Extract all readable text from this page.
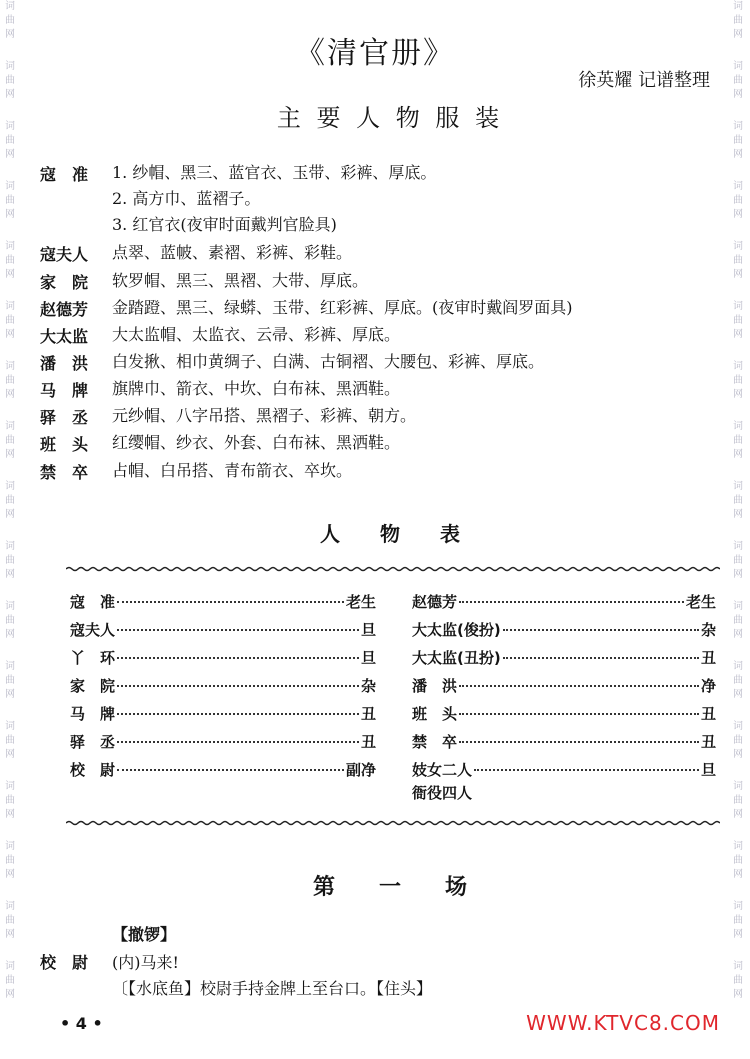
词
曲
网
词
曲
网
词
曲
网
词
曲
网
词
曲
网
词
曲
网
词
曲
网
词
曲
网
词
曲
网
词
曲
网
词
曲
网
词
曲
网
词
曲
网
词
曲
网
词
曲
网
词
曲
网
词
曲
网
词
曲
网
词
曲
网
词
曲
网
词
曲
网
词
曲
网
词
曲
网
词
曲
网
词
曲
网
词
曲
网
词
曲
网
词
曲
网
词
曲
网
词
曲
网
词
曲
网
词
曲
网
词
曲
网
词
曲
网
《清官册》
徐英耀 记谱整理
主 要 人 物 服 装
寇　准	1. 纱帽、黑三、蓝官衣、玉带、彩裤、厚底。
2. 高方巾、蓝褶子。
3. 红官衣(夜审时面戴判官脸具)
寇夫人	点翠、蓝帔、素褶、彩裤、彩鞋。
家　院	软罗帽、黑三、黑褶、大带、厚底。
赵德芳	金踏蹬、黑三、绿蟒、玉带、红彩裤、厚底。(夜审时戴阎罗面具)
大太监	大太监帽、太监衣、云帚、彩裤、厚底。
潘　洪	白发揪、相巾黄绸子、白满、古铜褶、大腰包、彩裤、厚底。
马　牌	旗牌巾、箭衣、中坎、白布袜、黑洒鞋。
驿　丞	元纱帽、八字吊搭、黑褶子、彩裤、朝方。
班　头	红缨帽、纱衣、外套、白布袜、黑洒鞋。
禁　卒	占帽、白吊搭、青布箭衣、卒坎。
人　　物　　表
寇　准	老生
寇夫人	旦
丫　环	旦
家　院	杂
马　牌	丑
驿　丞	丑
校　尉	副净
赵德芳	老生
大太监(俊扮)	杂
大太监(丑扮)	丑
潘　洪	净
班　头	丑
禁　卒	丑
妓女二人	旦
衙役四人
第　　一　　场
【撤锣】
校　尉	(内)马来!
〔【水底鱼】校尉手持金牌上至台口。【住头】
• 4 •	WWW.KTVC8.COM
